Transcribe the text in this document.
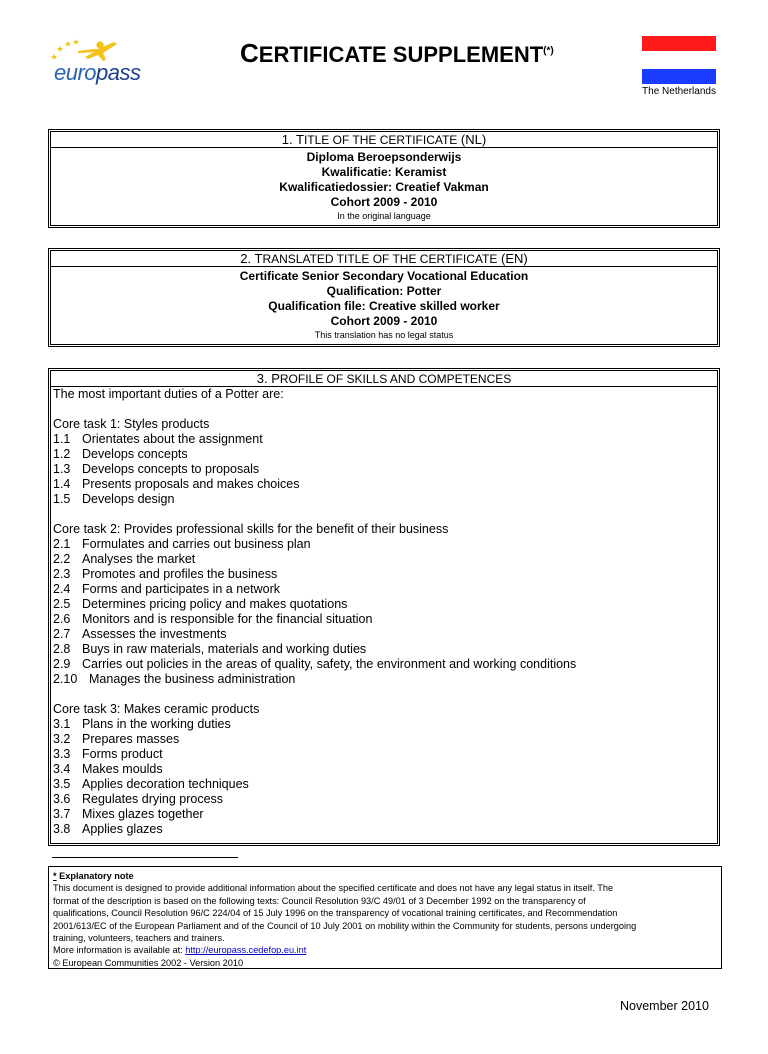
europass
CERTIFICATE SUPPLEMENT(*)
The Netherlands
1. TITLE OF THE CERTIFICATE (NL)
Diploma Beroepsonderwijs
Kwalificatie: Keramist
Kwalificatiedossier: Creatief Vakman
Cohort 2009 - 2010
In the original language
2. TRANSLATED TITLE OF THE CERTIFICATE (EN)
Certificate Senior Secondary Vocational Education
Qualification: Potter
Qualification file: Creative skilled worker
Cohort 2009 - 2010
This translation has no legal status
3. PROFILE OF SKILLS AND COMPETENCES
The most important duties of a Potter are:
Core task 1: Styles products
1.1 Orientates about the assignment
1.2 Develops concepts
1.3 Develops concepts to proposals
1.4 Presents proposals and makes choices
1.5 Develops design
Core task 2: Provides professional skills for the benefit of their business
2.1 Formulates and carries out business plan
2.2 Analyses the market
2.3 Promotes and profiles the business
2.4 Forms and participates in a network
2.5 Determines pricing policy and makes quotations
2.6 Monitors and is responsible for the financial situation
2.7 Assesses the investments
2.8 Buys in raw materials, materials and working duties
2.9 Carries out policies in the areas of quality, safety, the environment and working conditions
2.10 Manages the business administration
Core task 3: Makes ceramic products
3.1 Plans in the working duties
3.2 Prepares masses
3.3 Forms product
3.4 Makes moulds
3.5 Applies decoration techniques
3.6 Regulates drying process
3.7 Mixes glazes together
3.8 Applies glazes
* Explanatory note
This document is designed to provide additional information about the specified certificate and does not have any legal status in itself. The
format of the description is based on the following texts: Council Resolution 93/C 49/01 of 3 December 1992 on the transparency of
qualifications, Council Resolution 96/C 224/04 of 15 July 1996 on the transparency of vocational training certificates, and Recommendation
2001/613/EC of the European Parliament and of the Council of 10 July 2001 on mobility within the Community for students, persons undergoing
training, volunteers, teachers and trainers.
More information is available at: http://europass.cedefop.eu.int
© European Communities 2002 - Version 2010
November 2010
